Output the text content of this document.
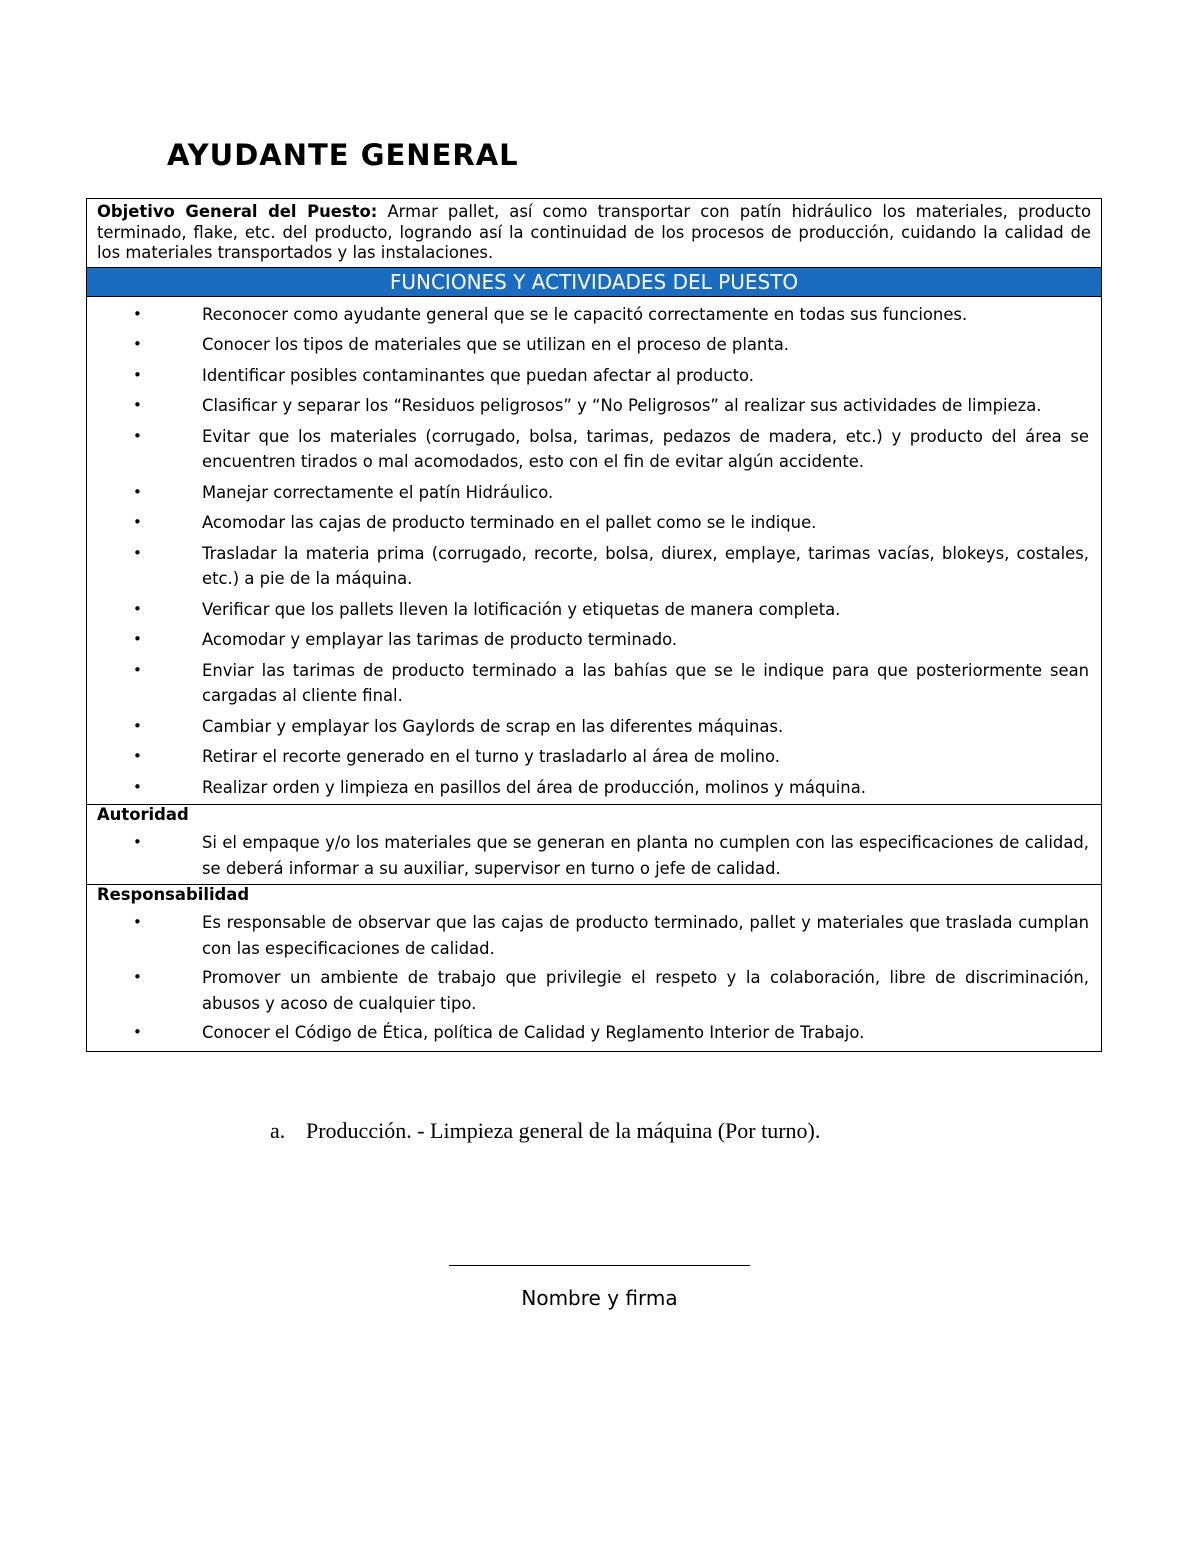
AYUDANTE GENERAL
Objetivo General del Puesto: Armar pallet, así como transportar con patín hidráulico los materiales, producto terminado, flake, etc. del producto, logrando así la continuidad de los procesos de producción, cuidando la calidad de los materiales transportados y las instalaciones.
FUNCIONES Y ACTIVIDADES DEL PUESTO
•	Reconocer como ayudante general que se le capacitó correctamente en todas sus funciones.
•	Conocer los tipos de materiales que se utilizan en el proceso de planta.
•	Identificar posibles contaminantes que puedan afectar al producto.
•	Clasificar y separar los “Residuos peligrosos” y “No Peligrosos” al realizar sus actividades de limpieza.
•	Evitar que los materiales (corrugado, bolsa, tarimas, pedazos de madera, etc.) y producto del área se encuentren tirados o mal acomodados, esto con el fin de evitar algún accidente.
•	Manejar correctamente el patín Hidráulico.
•	Acomodar las cajas de producto terminado en el pallet como se le indique.
•	Trasladar la materia prima (corrugado, recorte, bolsa, diurex, emplaye, tarimas vacías, blokeys, costales, etc.) a pie de la máquina.
•	Verificar que los pallets lleven la lotificación y etiquetas de manera completa.
•	Acomodar y emplayar las tarimas de producto terminado.
•	Enviar las tarimas de producto terminado a las bahías que se le indique para que posteriormente sean cargadas al cliente final.
•	Cambiar y emplayar los Gaylords de scrap en las diferentes máquinas.
•	Retirar el recorte generado en el turno y trasladarlo al área de molino.
•	Realizar orden y limpieza en pasillos del área de producción, molinos y máquina.
Autoridad
•	Si el empaque y/o los materiales que se generan en planta no cumplen con las especificaciones de calidad, se deberá informar a su auxiliar, supervisor en turno o jefe de calidad.
Responsabilidad
•	Es responsable de observar que las cajas de producto terminado, pallet y materiales que traslada cumplan con las especificaciones de calidad.
•	Promover un ambiente de trabajo que privilegie el respeto y la colaboración, libre de discriminación, abusos y acoso de cualquier tipo.
•	Conocer el Código de Ética, política de Calidad y Reglamento Interior de Trabajo.
a. Producción. - Limpieza general de la máquina (Por turno).
Nombre y firma
